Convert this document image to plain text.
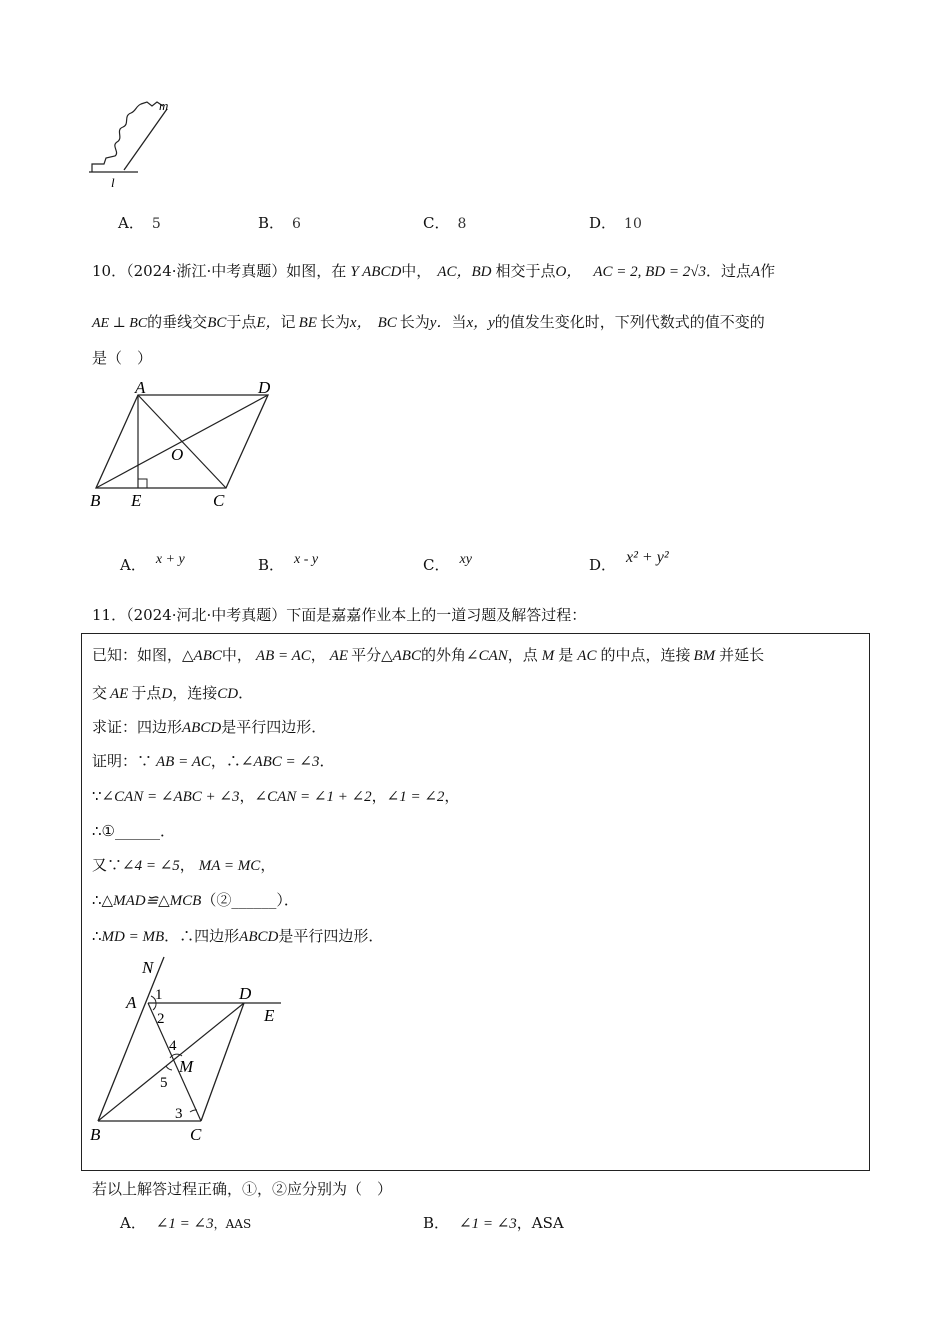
m
l
A． 5	B． 6	C． 8	D． 10
10．（2024·浙江·中考真题）如图，在 Y ABCD中， AC，BD 相交于点O， AC = 2, BD = 2√3．过点A作
AE ⊥ BC的垂线交BC于点E，记 BE 长为x， BC 长为y．当x，y的值发生变化时，下列代数式的值不变的
是（　）
A	D
O
B E	C
A． x + y	B． x - y	C． xy	D． x² + y²
11．（2024·河北·中考真题）下面是嘉嘉作业本上的一道习题及解答过程：
已知：如图，△ABC中， AB = AC， AE 平分△ABC的外角∠CAN，点 M 是 AC 的中点，连接 BM 并延长
交 AE 于点D，连接CD．
求证：四边形ABCD是平行四边形．
证明：∵ AB = AC，∴∠ABC = ∠3．
∵∠CAN = ∠ABC + ∠3，∠CAN = ∠1 + ∠2，∠1 = ∠2，
∴①______．
又∵∠4 = ∠5， MA = MC，
∴△MAD≌△MCB（②______）．
∴MD = MB．∴四边形ABCD是平行四边形．
N
A 1
2
D
E
4
M
5
3
B	C
若以上解答过程正确，①，②应分别为（　）
A． ∠1 = ∠3，AAS	B． ∠1 = ∠3，ASA
